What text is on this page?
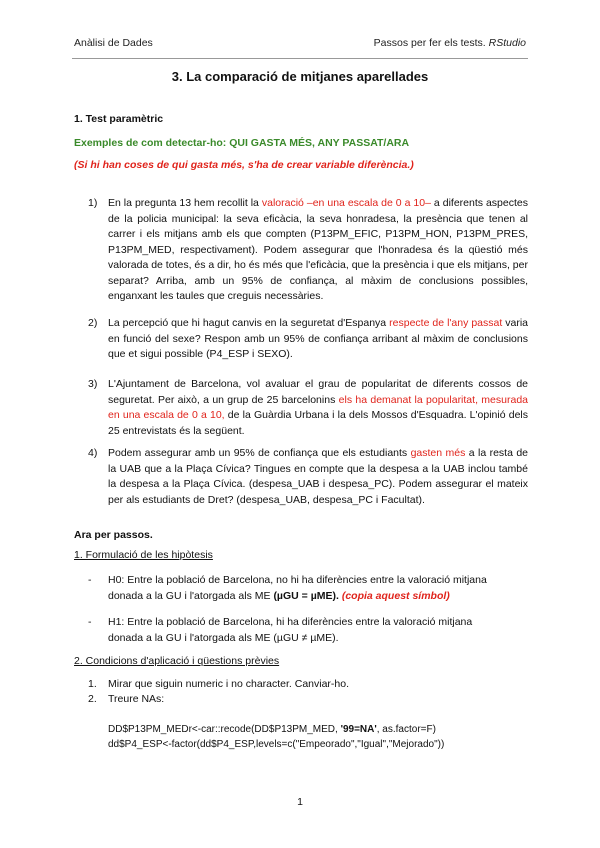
Anàlisi de Dades	Passos per fer els tests. RStudio
3. La comparació de mitjanes aparellades
1. Test paramètric
Exemples de com detectar-ho: QUI GASTA MÉS, ANY PASSAT/ARA
(Si hi han coses de qui gasta més, s'ha de crear variable diferència.)
1)	En la pregunta 13 hem recollit la valoració –en una escala de 0 a 10– a diferents aspectes de la policia municipal: la seva eficàcia, la seva honradesa, la presència que tenen al carrer i els mitjans amb els que compten (P13PM_EFIC, P13PM_HON, P13PM_PRES, P13PM_MED, respectivament). Podem assegurar que l'honradesa és la qüestió més valorada de totes, és a dir, ho és més que l'eficàcia, que la presència i que els mitjans, per separat? Arriba, amb un 95% de confiança, al màxim de conclusions possibles, enganxant les taules que creguis necessàries.
2)	La percepció que hi hagut canvis en la seguretat d'Espanya respecte de l'any passat varia en funció del sexe? Respon amb un 95% de confiança arribant al màxim de conclusions que et sigui possible (P4_ESP i SEXO).
3)	L'Ajuntament de Barcelona, vol avaluar el grau de popularitat de diferents cossos de seguretat. Per això, a un grup de 25 barcelonins els ha demanat la popularitat, mesurada en una escala de 0 a 10, de la Guàrdia Urbana i la dels Mossos d'Esquadra. L'opinió dels 25 entrevistats és la següent.
4)	Podem assegurar amb un 95% de confiança que els estudiants gasten més a la resta de la UAB que a la Plaça Cívica? Tingues en compte que la despesa a la UAB inclou també la despesa a la Plaça Cívica. (despesa_UAB i despesa_PC). Podem assegurar el mateix per als estudiants de Dret? (despesa_UAB, despesa_PC i Facultat).
Ara per passos.
1. Formulació de les hipòtesis
- H0: Entre la població de Barcelona, no hi ha diferències entre la valoració mitjana donada a la GU i l'atorgada als ME (µGU = µME). (copia aquest símbol)
- H1: Entre la població de Barcelona, hi ha diferències entre la valoració mitjana donada a la GU i l'atorgada als ME (µGU ≠ µME).
2. Condicions d'aplicació i qüestions prèvies
1. Mirar que siguin numeric i no character. Canviar-ho.
2. Treure NAs:
DD$P13PM_MEDr<-car::recode(DD$P13PM_MED, '99=NA', as.factor=F)
dd$P4_ESP<-factor(dd$P4_ESP,levels=c("Empeorado","Igual","Mejorado"))
1
